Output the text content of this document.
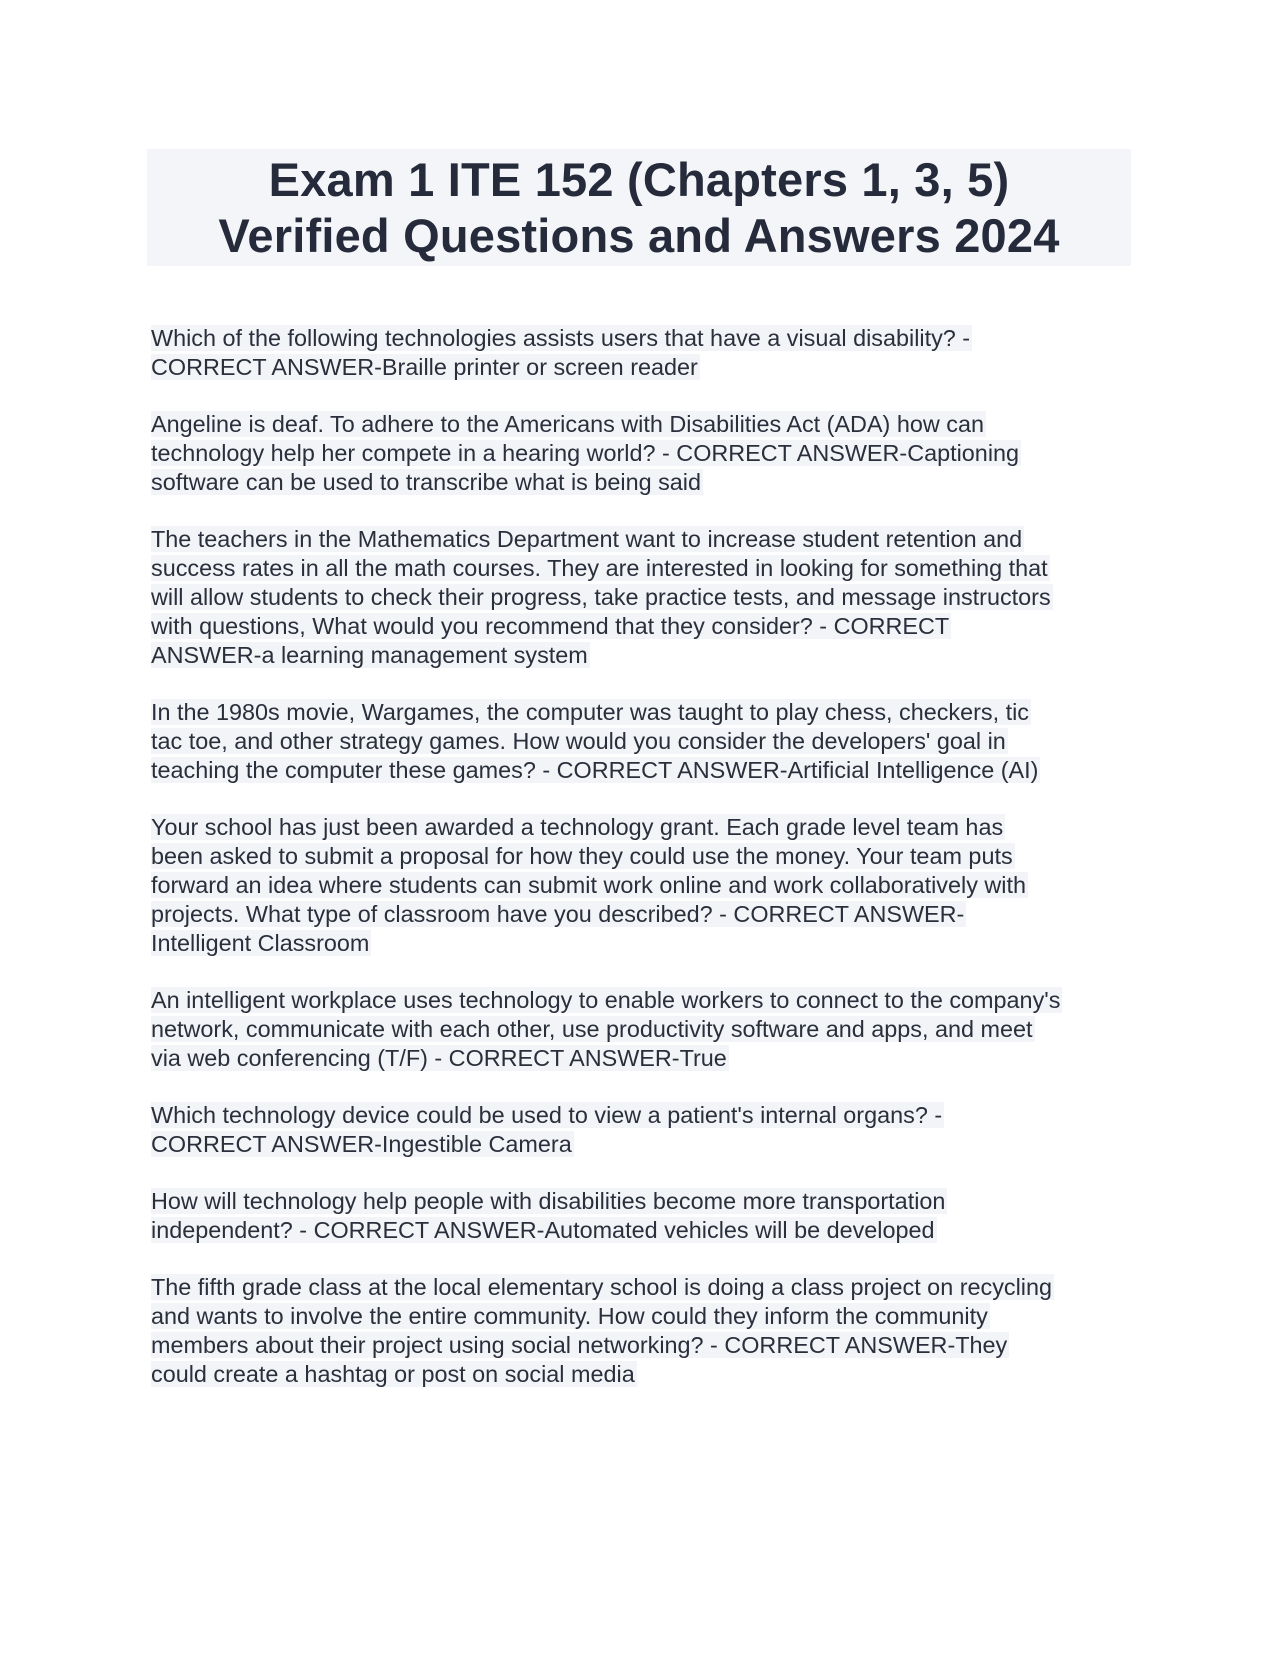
Exam 1 ITE 152 (Chapters 1, 3, 5)
Verified Questions and Answers 2024
Which of the following technologies assists users that have a visual disability? -
CORRECT ANSWER-Braille printer or screen reader
Angeline is deaf. To adhere to the Americans with Disabilities Act (ADA) how can
technology help her compete in a hearing world? - CORRECT ANSWER-Captioning
software can be used to transcribe what is being said
The teachers in the Mathematics Department want to increase student retention and
success rates in all the math courses. They are interested in looking for something that
will allow students to check their progress, take practice tests, and message instructors
with questions, What would you recommend that they consider? - CORRECT
ANSWER-a learning management system
In the 1980s movie, Wargames, the computer was taught to play chess, checkers, tic
tac toe, and other strategy games. How would you consider the developers' goal in
teaching the computer these games? - CORRECT ANSWER-Artificial Intelligence (AI)
Your school has just been awarded a technology grant. Each grade level team has
been asked to submit a proposal for how they could use the money. Your team puts
forward an idea where students can submit work online and work collaboratively with
projects. What type of classroom have you described? - CORRECT ANSWER-
Intelligent Classroom
An intelligent workplace uses technology to enable workers to connect to the company's
network, communicate with each other, use productivity software and apps, and meet
via web conferencing (T/F) - CORRECT ANSWER-True
Which technology device could be used to view a patient's internal organs? -
CORRECT ANSWER-Ingestible Camera
How will technology help people with disabilities become more transportation
independent? - CORRECT ANSWER-Automated vehicles will be developed
The fifth grade class at the local elementary school is doing a class project on recycling
and wants to involve the entire community. How could they inform the community
members about their project using social networking? - CORRECT ANSWER-They
could create a hashtag or post on social media
